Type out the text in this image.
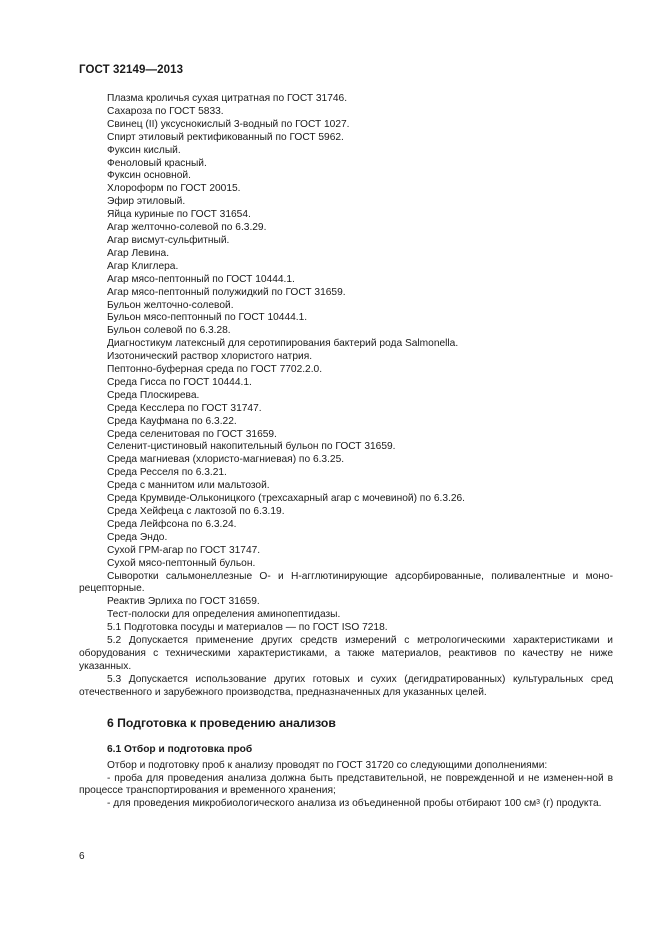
ГОСТ 32149—2013
Плазма кроличья сухая цитратная по ГОСТ 31746.
Сахароза по ГОСТ 5833.
Свинец (II) уксуснокислый 3-водный по ГОСТ 1027.
Спирт этиловый ректификованный по ГОСТ 5962.
Фуксин кислый.
Феноловый красный.
Фуксин основной.
Хлороформ по ГОСТ 20015.
Эфир этиловый.
Яйца куриные по ГОСТ 31654.
Агар желточно-солевой по 6.3.29.
Агар висмут-сульфитный.
Агар Левина.
Агар Клиглера.
Агар мясо-пептонный по ГОСТ 10444.1.
Агар мясо-пептонный полужидкий по ГОСТ 31659.
Бульон желточно-солевой.
Бульон мясо-пептонный по ГОСТ 10444.1.
Бульон солевой по 6.3.28.
Диагностикум латексный для серотипирования бактерий рода Salmonella.
Изотонический раствор хлористого натрия.
Пептонно-буферная среда по ГОСТ 7702.2.0.
Среда Гисса по ГОСТ 10444.1.
Среда Плоскирева.
Среда Кесслера по ГОСТ 31747.
Среда Кауфмана по 6.3.22.
Среда селенитовая по ГОСТ 31659.
Селенит-цистиновый накопительный бульон по ГОСТ 31659.
Среда магниевая (хлористо-магниевая) по 6.3.25.
Среда Ресселя по 6.3.21.
Среда с маннитом или мальтозой.
Среда Крумвиде-Ольконицкого (трехсахарный агар с мочевиной) по 6.3.26.
Среда Хейфеца с лактозой по 6.3.19.
Среда Лейфсона по 6.3.24.
Среда Эндо.
Сухой ГРМ-агар по ГОСТ 31747.
Сухой мясо-пептонный бульон.
Сыворотки сальмонеллезные О- и Н-агглютинирующие адсорбированные, поливалентные и моно-рецепторные.
Реактив Эрлиха по ГОСТ 31659.
Тест-полоски для определения аминопептидазы.

5.1 Подготовка посуды и материалов — по ГОСТ ISO 7218.

5.2 Допускается применение других средств измерений с метрологическими характеристиками и оборудования с техническими характеристиками, а также материалов, реактивов по качеству не ниже указанных.

5.3 Допускается использование других готовых и сухих (дегидратированных) культуральных сред отечественного и зарубежного производства, предназначенных для указанных целей.

6 Подготовка к проведению анализов
6.1 Отбор и подготовка проб

Отбор и подготовку проб к анализу проводят по ГОСТ 31720 со следующими дополнениями:

- проба для проведения анализа должна быть представительной, не поврежденной и не изменен-ной в процессе транспортирования и временного хранения;

- для проведения микробиологического анализа из объединенной пробы отбирают 100 $см^3$ (г) продукта.

6
